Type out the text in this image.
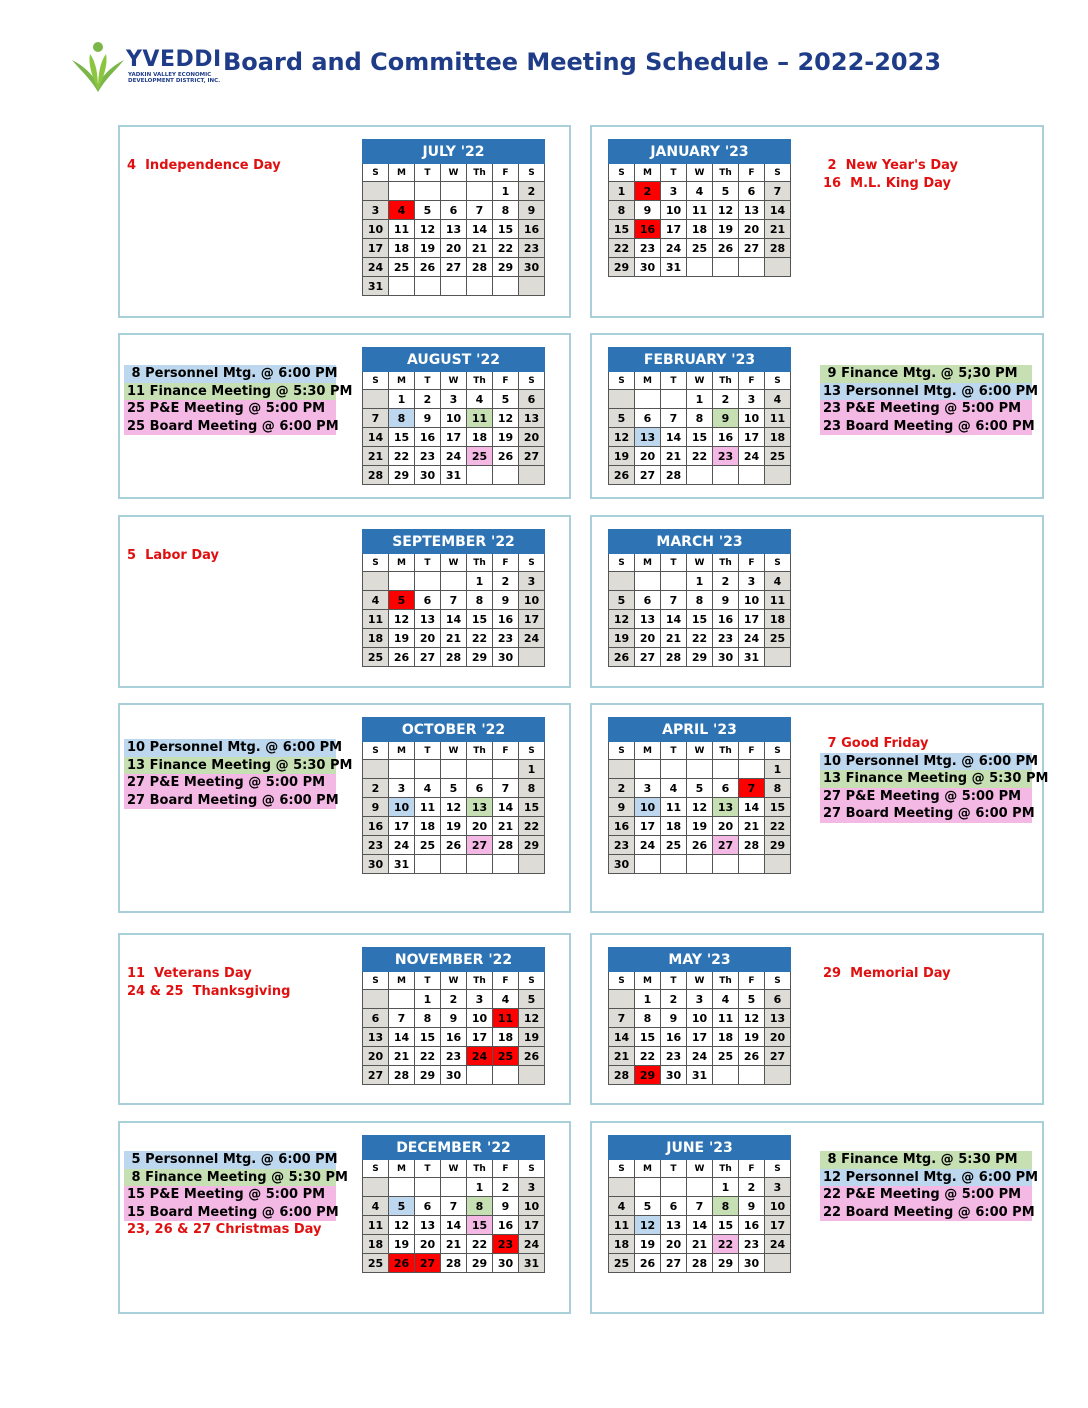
YVEDDI
YADKIN VALLEY ECONOMIC DEVELOPMENT DISTRICT, INC.
Board and Committee Meeting Schedule – 2022-2023
JULY '22						
S	M	T	W	Th	F	S
					1	2
3	4	5	6	7	8	9
10	11	12	13	14	15	16
17	18	19	20	21	22	23
24	25	26	27	28	29	30
31						
4  Independence Day
JANUARY '23						
S	M	T	W	Th	F	S
1	2	3	4	5	6	7
8	9	10	11	12	13	14
15	16	17	18	19	20	21
22	23	24	25	26	27	28
29	30	31				
2  New Year's Day
16  M.L. King Day
AUGUST '22						
S	M	T	W	Th	F	S
	1	2	3	4	5	6
7	8	9	10	11	12	13
14	15	16	17	18	19	20
21	22	23	24	25	26	27
28	29	30	31			
8 Personnel Mtg. @ 6:00 PM
11 Finance Meeting @ 5:30 PM
25 P&E Meeting @ 5:00 PM
25 Board Meeting @ 6:00 PM
FEBRUARY '23						
S	M	T	W	Th	F	S
			1	2	3	4
5	6	7	8	9	10	11
12	13	14	15	16	17	18
19	20	21	22	23	24	25
26	27	28				
9 Finance Mtg. @ 5;30 PM
13 Personnel Mtg. @ 6:00 PM
23 P&E Meeting @ 5:00 PM
23 Board Meeting @ 6:00 PM
SEPTEMBER '22						
S	M	T	W	Th	F	S
				1	2	3
4	5	6	7	8	9	10
11	12	13	14	15	16	17
18	19	20	21	22	23	24
25	26	27	28	29	30	
5  Labor Day
MARCH '23						
S	M	T	W	Th	F	S
			1	2	3	4
5	6	7	8	9	10	11
12	13	14	15	16	17	18
19	20	21	22	23	24	25
26	27	28	29	30	31	
OCTOBER '22						
S	M	T	W	Th	F	S
						1
2	3	4	5	6	7	8
9	10	11	12	13	14	15
16	17	18	19	20	21	22
23	24	25	26	27	28	29
30	31					
10 Personnel Mtg. @ 6:00 PM
13 Finance Meeting @ 5:30 PM
27 P&E Meeting @ 5:00 PM
27 Board Meeting @ 6:00 PM
APRIL '23						
S	M	T	W	Th	F	S
						1
2	3	4	5	6	7	8
9	10	11	12	13	14	15
16	17	18	19	20	21	22
23	24	25	26	27	28	29
30						
7 Good Friday
10 Personnel Mtg. @ 6:00 PM
13 Finance Meeting @ 5:30 PM
27 P&E Meeting @ 5:00 PM
27 Board Meeting @ 6:00 PM
NOVEMBER '22						
S	M	T	W	Th	F	S
		1	2	3	4	5
6	7	8	9	10	11	12
13	14	15	16	17	18	19
20	21	22	23	24	25	26
27	28	29	30			
11  Veterans Day
24 & 25  Thanksgiving
MAY '23						
S	M	T	W	Th	F	S
	1	2	3	4	5	6
7	8	9	10	11	12	13
14	15	16	17	18	19	20
21	22	23	24	25	26	27
28	29	30	31			
29  Memorial Day
DECEMBER '22						
S	M	T	W	Th	F	S
				1	2	3
4	5	6	7	8	9	10
11	12	13	14	15	16	17
18	19	20	21	22	23	24
25	26	27	28	29	30	31
5 Personnel Mtg. @ 6:00 PM
8 Finance Meeting @ 5:30 PM
15 P&E Meeting @ 5:00 PM
15 Board Meeting @ 6:00 PM
23, 26 & 27 Christmas Day
JUNE '23						
S	M	T	W	Th	F	S
				1	2	3
4	5	6	7	8	9	10
11	12	13	14	15	16	17
18	19	20	21	22	23	24
25	26	27	28	29	30	
8 Finance Mtg. @ 5:30 PM
12 Personnel Mtg. @ 6:00 PM
22 P&E Meeting @ 5:00 PM
22 Board Meeting @ 6:00 PM
